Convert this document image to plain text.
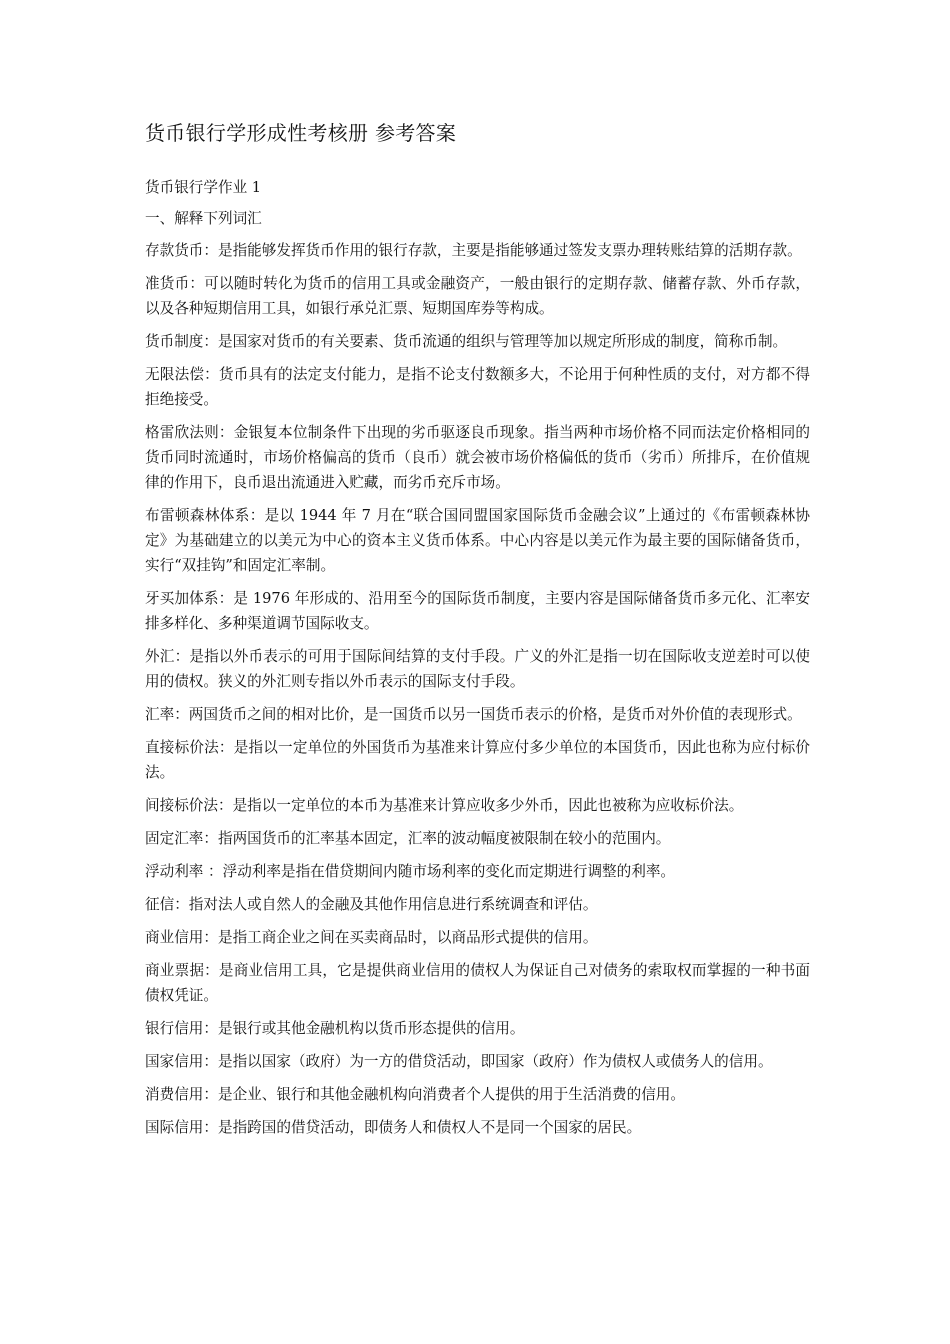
货币银行学形成性考核册 参考答案

货币银行学作业 1

一、解释下列词汇

存款货币：是指能够发挥货币作用的银行存款，主要是指能够通过签发支票办理转账结算的活期存款。

准货币：可以随时转化为货币的信用工具或金融资产，一般由银行的定期存款、储蓄存款、外币存款，以及各种短期信用工具，如银行承兑汇票、短期国库券等构成。

货币制度：是国家对货币的有关要素、货币流通的组织与管理等加以规定所形成的制度，简称币制。

无限法偿：货币具有的法定支付能力，是指不论支付数额多大，不论用于何种性质的支付，对方都不得拒绝接受。

格雷欣法则：金银复本位制条件下出现的劣币驱逐良币现象。指当两种市场价格不同而法定价格相同的货币同时流通时，市场价格偏高的货币（良币）就会被市场价格偏低的货币（劣币）所排斥，在价值规律的作用下，良币退出流通进入贮藏，而劣币充斥市场。

布雷顿森林体系：是以 1944 年 7 月在“联合国同盟国家国际货币金融会议”上通过的《布雷顿森林协定》为基础建立的以美元为中心的资本主义货币体系。中心内容是以美元作为最主要的国际储备货币，实行“双挂钩”和固定汇率制。

牙买加体系：是 1976 年形成的、沿用至今的国际货币制度，主要内容是国际储备货币多元化、汇率安排多样化、多种渠道调节国际收支。

外汇：是指以外币表示的可用于国际间结算的支付手段。广义的外汇是指一切在国际收支逆差时可以使用的债权。狭义的外汇则专指以外币表示的国际支付手段。

汇率：两国货币之间的相对比价，是一国货币以另一国货币表示的价格，是货币对外价值的表现形式。

直接标价法：是指以一定单位的外国货币为基准来计算应付多少单位的本国货币，因此也称为应付标价法。

间接标价法：是指以一定单位的本币为基准来计算应收多少外币，因此也被称为应收标价法。

固定汇率：指两国货币的汇率基本固定，汇率的波动幅度被限制在较小的范围内。

浮动利率 ：浮动利率是指在借贷期间内随市场利率的变化而定期进行调整的利率。

征信：指对法人或自然人的金融及其他作用信息进行系统调查和评估。

商业信用：是指工商企业之间在买卖商品时，以商品形式提供的信用。

商业票据：是商业信用工具，它是提供商业信用的债权人为保证自己对债务的索取权而掌握的一种书面债权凭证。

银行信用：是银行或其他金融机构以货币形态提供的信用。

国家信用：是指以国家（政府）为一方的借贷活动，即国家（政府）作为债权人或债务人的信用。

消费信用：是企业、银行和其他金融机构向消费者个人提供的用于生活消费的信用。

国际信用：是指跨国的借贷活动，即债务人和债权人不是同一个国家的居民。
